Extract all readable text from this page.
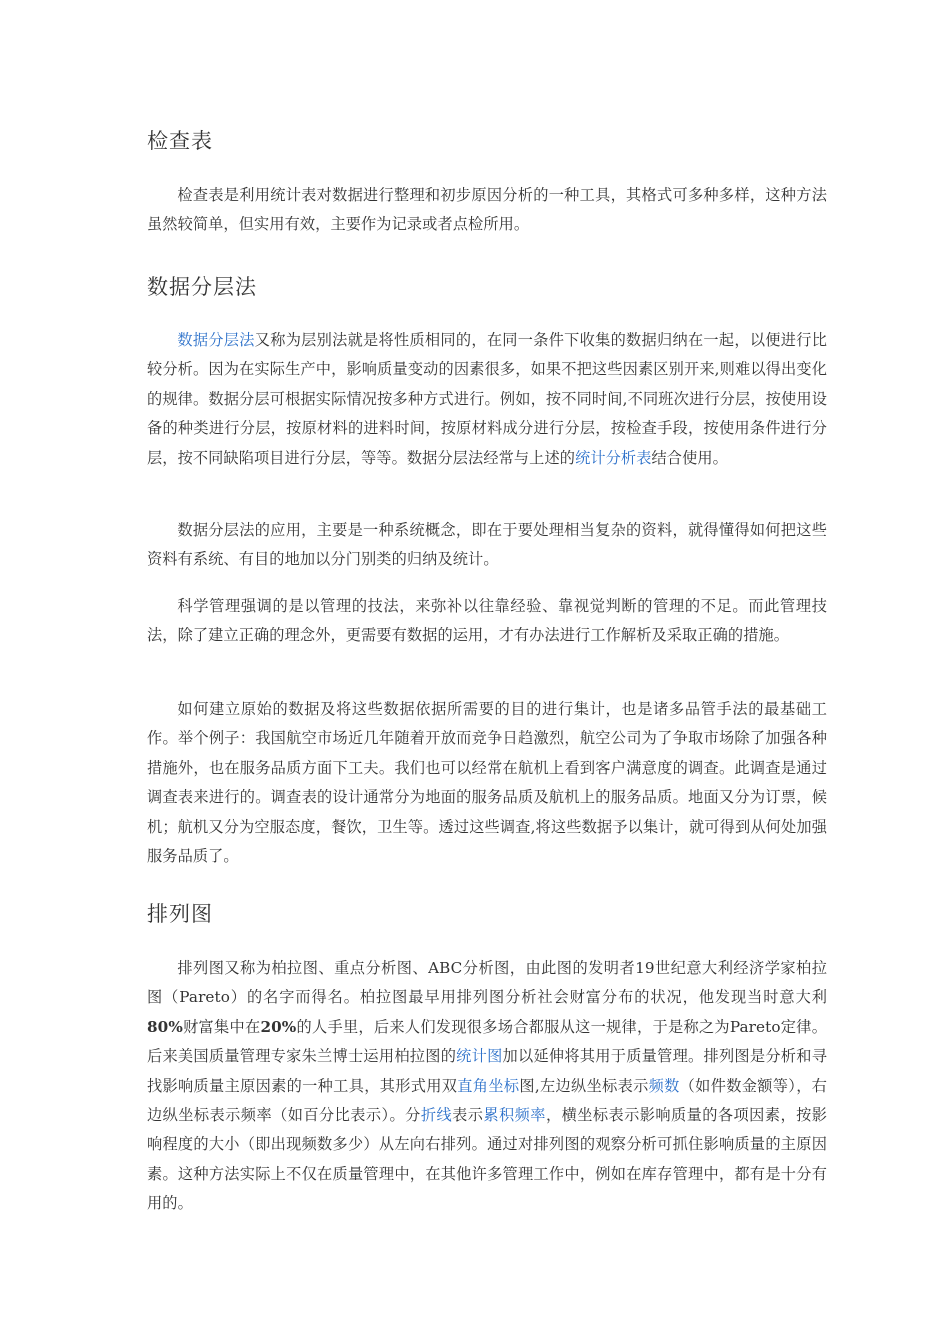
检查表

检查表是利用统计表对数据进行整理和初步原因分析的一种工具，其格式可多种多样，这种方法虽然较简单，但实用有效，主要作为记录或者点检所用。

数据分层法

数据分层法又称为层别法就是将性质相同的，在同一条件下收集的数据归纳在一起，以便进行比较分析。因为在实际生产中，影响质量变动的因素很多，如果不把这些因素区别开来,则难以得出变化的规律。数据分层可根据实际情况按多种方式进行。例如，按不同时间,不同班次进行分层，按使用设备的种类进行分层，按原材料的进料时间，按原材料成分进行分层，按检查手段，按使用条件进行分层，按不同缺陷项目进行分层，等等。数据分层法经常与上述的统计分析表结合使用。

数据分层法的应用，主要是一种系统概念，即在于要处理相当复杂的资料，就得懂得如何把这些资料有系统、有目的地加以分门别类的归纳及统计。

科学管理强调的是以管理的技法，来弥补以往靠经验、靠视觉判断的管理的不足。而此管理技法，除了建立正确的理念外，更需要有数据的运用，才有办法进行工作解析及采取正确的措施。

如何建立原始的数据及将这些数据依据所需要的目的进行集计，也是诸多品管手法的最基础工作。举个例子：我国航空市场近几年随着开放而竞争日趋激烈，航空公司为了争取市场除了加强各种措施外，也在服务品质方面下工夫。我们也可以经常在航机上看到客户满意度的调查。此调查是通过调查表来进行的。调查表的设计通常分为地面的服务品质及航机上的服务品质。地面又分为订票，候机；航机又分为空服态度，餐饮，卫生等。透过这些调查,将这些数据予以集计，就可得到从何处加强服务品质了。

排列图

排列图又称为柏拉图、重点分析图、ABC分析图，由此图的发明者19世纪意大利经济学家柏拉图（Pareto）的名字而得名。柏拉图最早用排列图分析社会财富分布的状况，他发现当时意大利80%财富集中在20%的人手里，后来人们发现很多场合都服从这一规律，于是称之为Pareto定律。后来美国质量管理专家朱兰博士运用柏拉图的统计图加以延伸将其用于质量管理。排列图是分析和寻找影响质量主原因素的一种工具，其形式用双直角坐标图,左边纵坐标表示频数（如件数金额等），右边纵坐标表示频率（如百分比表示）。分折线表示累积频率，横坐标表示影响质量的各项因素，按影响程度的大小（即出现频数多少）从左向右排列。通过对排列图的观察分析可抓住影响质量的主原因素。这种方法实际上不仅在质量管理中，在其他许多管理工作中，例如在库存管理中，都有是十分有用的。
